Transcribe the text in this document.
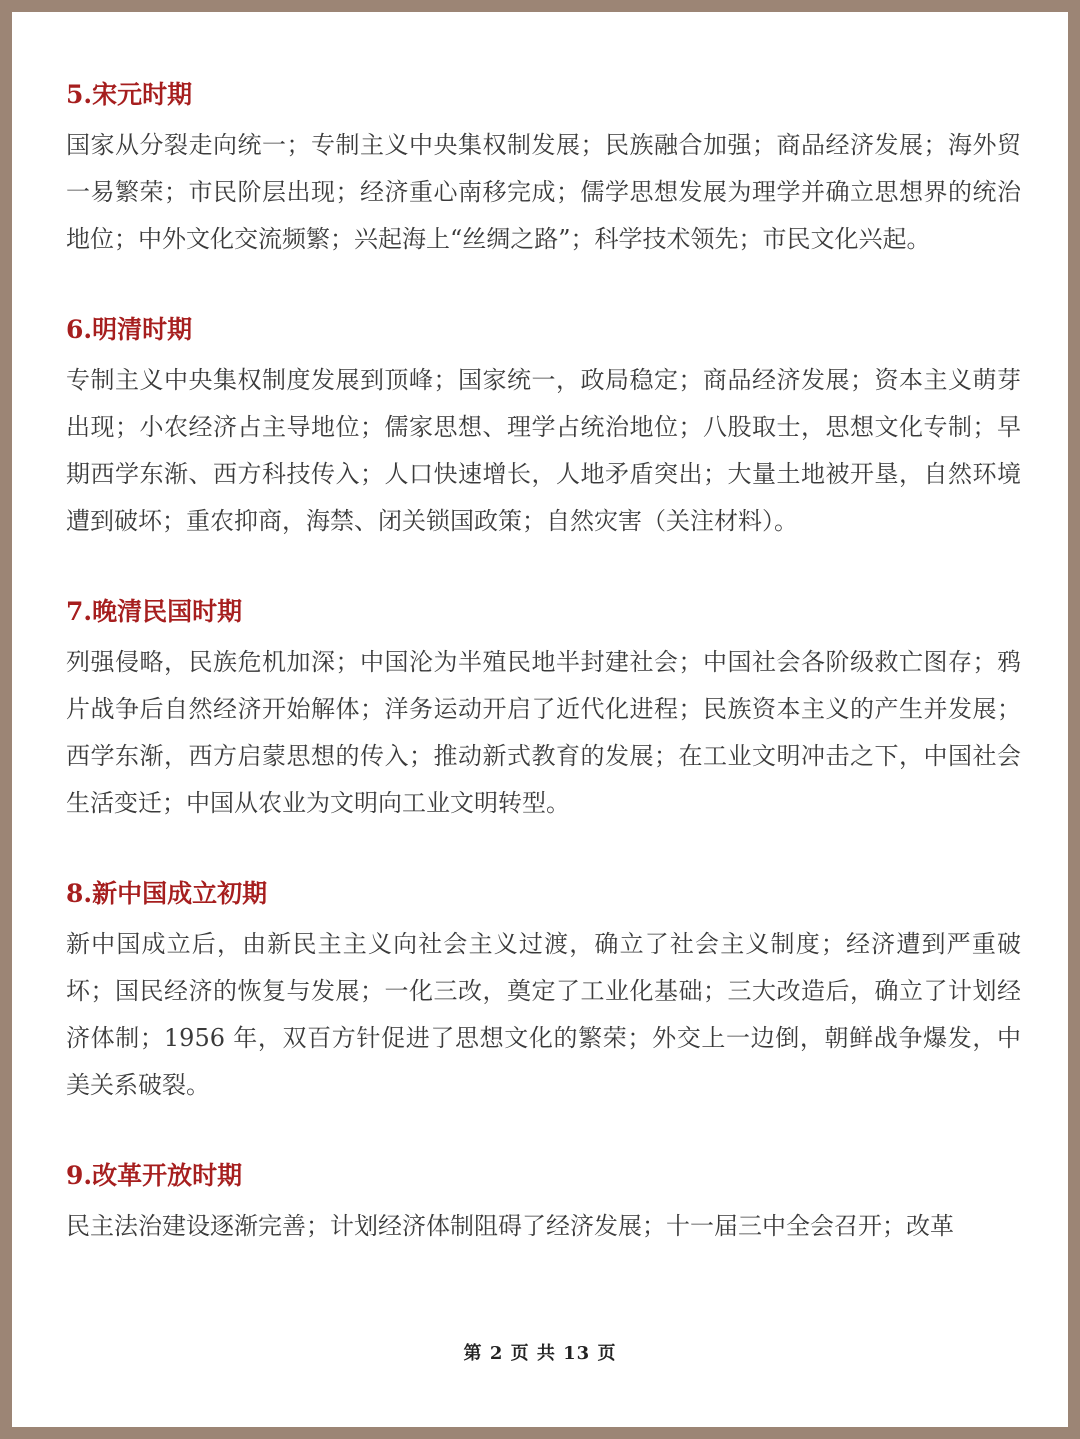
5.宋元时期

国家从分裂走向统一；专制主义中央集权制发展；民族融合加强；商品经济发展；海外贸一易繁荣；市民阶层出现；经济重心南移完成；儒学思想发展为理学并确立思想界的统治地位；中外文化交流频繁；兴起海上“丝绸之路”；科学技术领先；市民文化兴起。

6.明清时期

专制主义中央集权制度发展到顶峰；国家统一，政局稳定；商品经济发展；资本主义萌芽出现；小农经济占主导地位；儒家思想、理学占统治地位；八股取士，思想文化专制；早期西学东渐、西方科技传入；人口快速增长，人地矛盾突出；大量土地被开垦，自然环境遭到破坏；重农抑商，海禁、闭关锁国政策；自然灾害（关注材料）。

7.晚清民国时期

列强侵略，民族危机加深；中国沦为半殖民地半封建社会；中国社会各阶级救亡图存；鸦片战争后自然经济开始解体；洋务运动开启了近代化进程；民族资本主义的产生并发展；西学东渐，西方启蒙思想的传入；推动新式教育的发展；在工业文明冲击之下，中国社会生活变迁；中国从农业为文明向工业文明转型。

8.新中国成立初期

新中国成立后，由新民主主义向社会主义过渡，确立了社会主义制度；经济遭到严重破坏；国民经济的恢复与发展；一化三改，奠定了工业化基础；三大改造后，确立了计划经济体制；1956 年，双百方针促进了思想文化的繁荣；外交上一边倒，朝鲜战争爆发，中美关系破裂。

9.改革开放时期

民主法治建设逐渐完善；计划经济体制阻碍了经济发展；十一届三中全会召开；改革

第 2 页 共 13 页
